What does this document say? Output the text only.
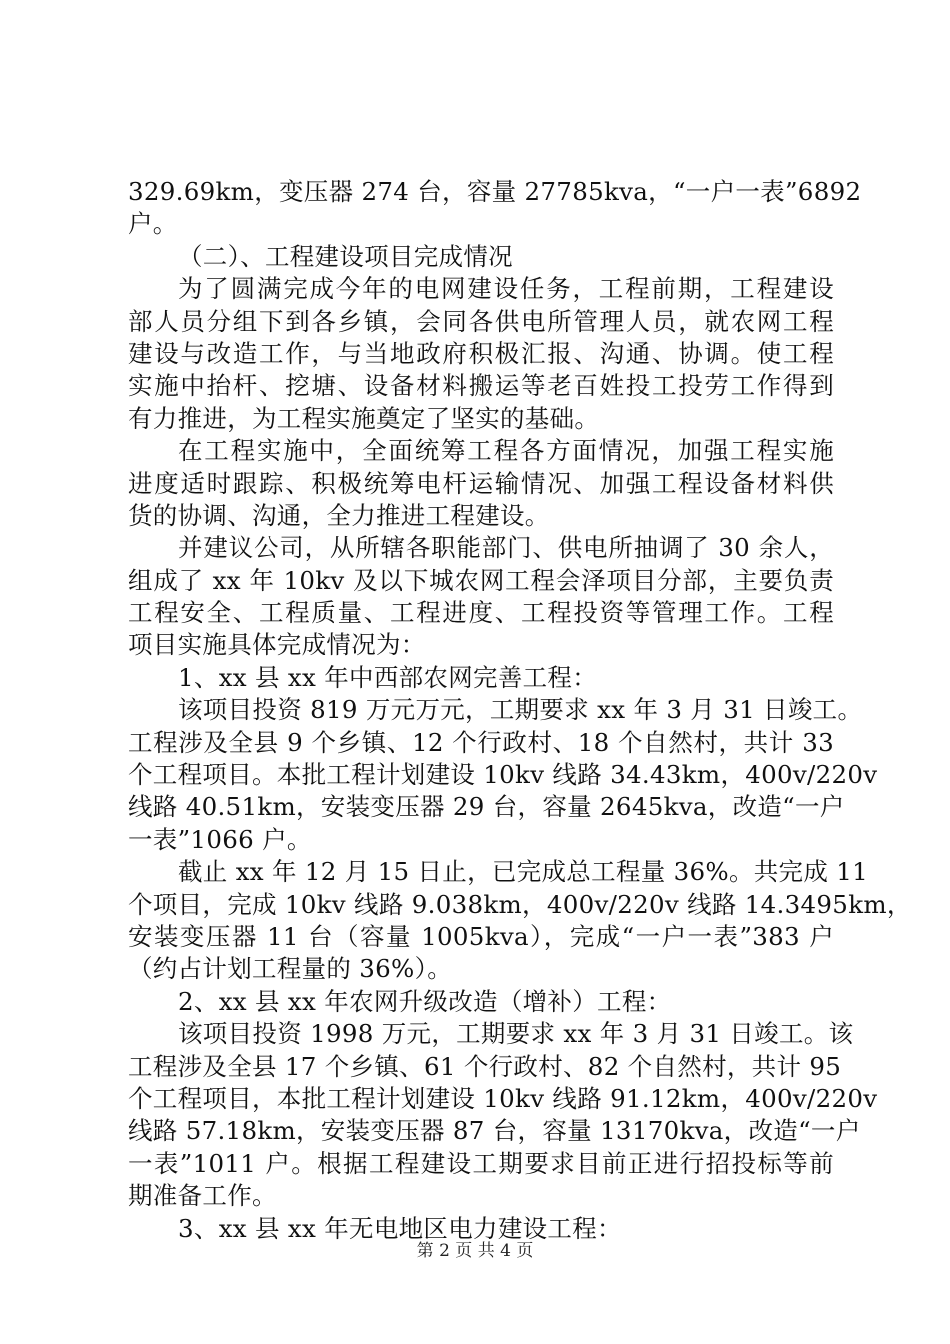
329.69km，变压器 274 台，容量 27785kva，“一户一表”6892
户。
（二）、工程建设项目完成情况
为了圆满完成今年的电网建设任务，工程前期，工程建设
部人员分组下到各乡镇，会同各供电所管理人员，就农网工程
建设与改造工作，与当地政府积极汇报、沟通、协调。使工程
实施中抬杆、挖塘、设备材料搬运等老百姓投工投劳工作得到
有力推进，为工程实施奠定了坚实的基础。
在工程实施中，全面统筹工程各方面情况，加强工程实施
进度适时跟踪、积极统筹电杆运输情况、加强工程设备材料供
货的协调、沟通，全力推进工程建设。
并建议公司，从所辖各职能部门、供电所抽调了 30 余人，
组成了 xx 年 10kv 及以下城农网工程会泽项目分部，主要负责
工程安全、工程质量、工程进度、工程投资等管理工作。工程
项目实施具体完成情况为：
1、xx 县 xx 年中西部农网完善工程：
该项目投资 819 万元万元，工期要求 xx 年 3 月 31 日竣工。
工程涉及全县 9 个乡镇、12 个行政村、18 个自然村，共计 33
个工程项目。本批工程计划建设 10kv 线路 34.43km，400v/220v
线路 40.51km，安装变压器 29 台，容量 2645kva，改造“一户
一表”1066 户。
截止 xx 年 12 月 15 日止，已完成总工程量 36%。共完成 11
个项目，完成 10kv 线路 9.038km，400v/220v 线路 14.3495km，
安装变压器 11 台（容量 1005kva），完成“一户一表”383 户
（约占计划工程量的 36%）。
2、xx 县 xx 年农网升级改造（增补）工程：
该项目投资 1998 万元，工期要求 xx 年 3 月 31 日竣工。该
工程涉及全县 17 个乡镇、61 个行政村、82 个自然村，共计 95
个工程项目，本批工程计划建设 10kv 线路 91.12km，400v/220v
线路 57.18km，安装变压器 87 台，容量 13170kva，改造“一户
一表”1011 户。根据工程建设工期要求目前正进行招投标等前
期准备工作。
3、xx 县 xx 年无电地区电力建设工程：
第 2 页 共 4 页
